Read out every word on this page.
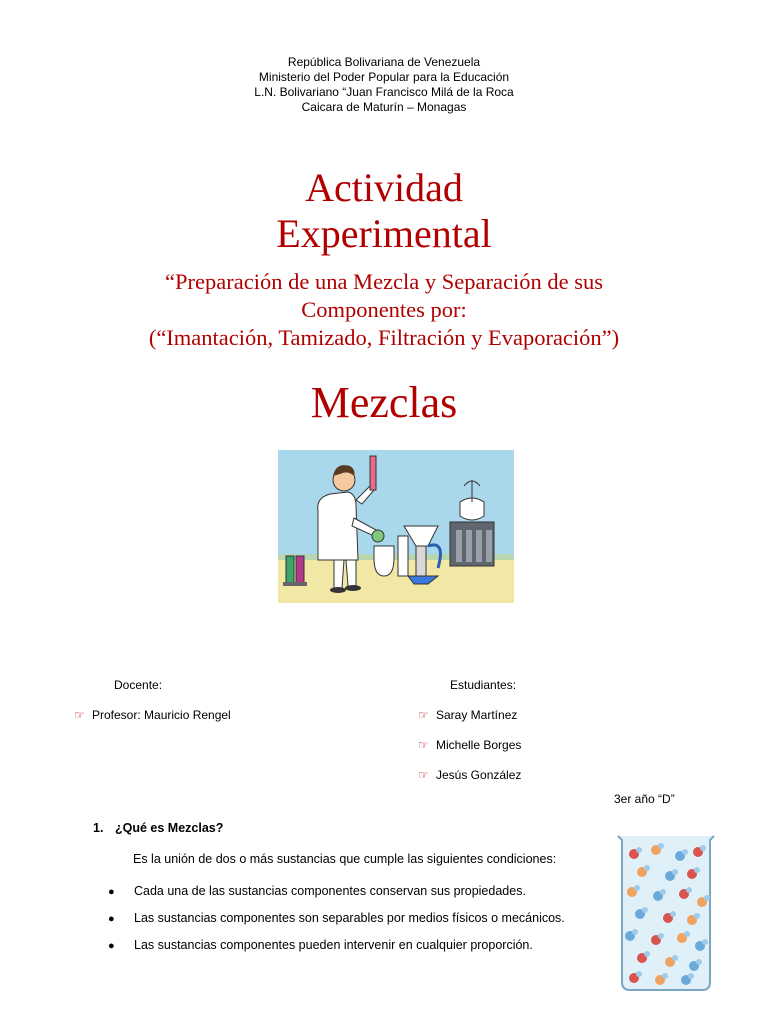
República Bolivariana de Venezuela
Ministerio del Poder Popular para la Educación
L.N. Bolivariano “Juan Francisco Milá de la Roca
Caicara de Maturín – Monagas
Actividad
Experimental
“Preparación de una Mezcla y Separación de sus
Componentes por:
(“Imantación, Tamizado, Filtración y Evaporación”)
Mezclas
Docente:
☞ Profesor: Mauricio Rengel
Estudiantes:
☞ Saray Martínez
☞ Michelle Borges
☞ Jesús González
3er año “D”
1. ¿Qué es Mezclas?
Es la unión de dos o más sustancias que cumple las siguientes condiciones:
●	Cada una de las sustancias componentes conservan sus propiedades.
●	Las sustancias componentes son separables por medios físicos o mecánicos.
●	Las sustancias componentes pueden intervenir en cualquier proporción.
